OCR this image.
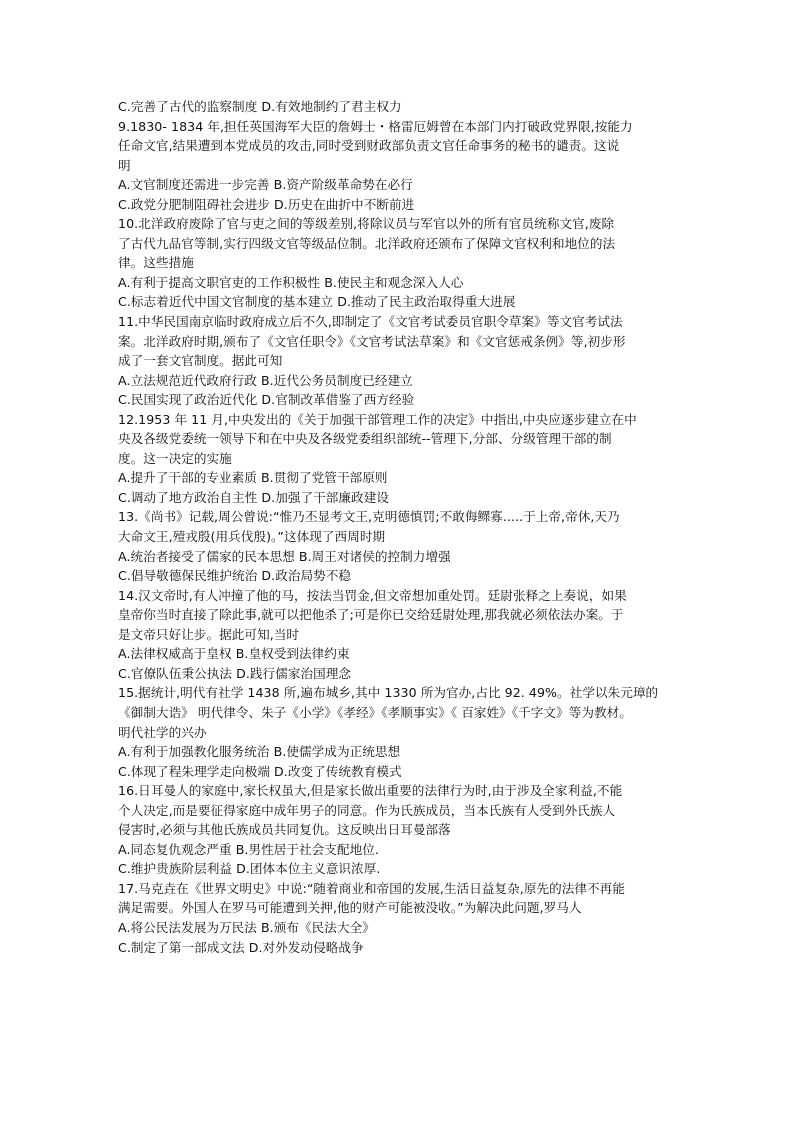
C.完善了古代的监察制度 D.有效地制约了君主权力
9.1830- 1834 年,担任英国海军大臣的詹姆士・格雷厄姆曾在本部门内打破政党界限,按能力
任命文官,结果遭到本党成员的攻击,同时受到财政部负责文官任命事务的秘书的谴责。这说
明
A.文官制度还需进一步完善 B.资产阶级革命势在必行
C.政党分肥制阻碍社会进步 D.历史在曲折中不断前进
10.北洋政府废除了官与吏之间的等级差别,将除议员与军官以外的所有官员统称文官,废除
了古代九品官等制,实行四级文官等级品位制。北洋政府还颁布了保障文官权利和地位的法
律。这些措施
A.有利于提高文职官吏的工作积极性 B.使民主和观念深入人心
C.标志着近代中国文官制度的基本建立 D.推动了民主政治取得重大进展
11.中华民国南京临时政府成立后不久,即制定了《文官考试委员官职令草案》等文官考试法
案。北洋政府时期,颁布了《文官任职令》《文官考试法草案》和《文官惩戒条例》等,初步形
成了一套文官制度。据此可知
A.立法规范近代政府行政 B.近代公务员制度已经建立
C.民国实现了政治近代化 D.官制改革借鉴了西方经验
12.1953 年 11 月,中央发出的《关于加强干部管理工作的决定》中指出,中央应逐步建立在中
央及各级党委统一领导下和在中央及各级党委组织部统--管理下,分部、分级管理干部的制
度。这一决定的实施
A.提升了干部的专业素质 B.贯彻了党管干部原则
C.调动了地方政治自主性 D.加强了干部廉政建设
13.《尚书》记载,周公曾说:“惟乃丕显考文王,克明德慎罚;不敢侮鳏寡.....于上帝,帝休,天乃
大命文王,殪戎殷(用兵伐殷)。”这体现了西周时期
A.统治者接受了儒家的民本思想 B.周王对诸侯的控制力增强
C.倡导敬德保民维护统治 D.政治局势不稳
14.汉文帝时,有人冲撞了他的马，按法当罚金,但文帝想加重处罚。廷尉张释之上奏说，如果
皇帝你当时直接了除此事,就可以把他杀了;可是你已交给廷尉处理,那我就必须依法办案。于
是文帝只好让步。据此可知,当时
A.法律权威高于皇权 B.皇权受到法律约束
C.官僚队伍秉公执法 D.践行儒家治国理念
15.据统计,明代有社学 1438 所,遍布城乡,其中 1330 所为官办,占比 92. 49%。社学以朱元璋的
《御制大诰》 明代律令、朱子《小学》《孝经》《孝顺事实》《 百家姓》《千字文》等为教材。
明代社学的兴办
A.有利于加强教化服务统治 B.使儒学成为正统思想
C.体现了程朱理学走向极端 D.改变了传统教育模式
16.日耳曼人的家庭中,家长权虽大,但是家长做出重要的法律行为时,由于涉及全家利益,不能
个人决定,而是要征得家庭中成年男子的同意。作为氏族成员，当本氏族有人受到外氏族人
侵害时,必须与其他氏族成员共同复仇。这反映出日耳曼部落
A.同态复仇观念严重 B.男性居于社会支配地位.
C.维护贵族阶层利益 D.团体本位主义意识浓厚.
17.马克垚在《世界文明史》中说:“随着商业和帝国的发展,生活日益复杂,原先的法律不再能
满足需要。外国人在罗马可能遭到关押,他的财产可能被没收。”为解决此问题,罗马人
A.将公民法发展为万民法 B.颁布《民法大全》
C.制定了第一部成文法 D.对外发动侵略战争
